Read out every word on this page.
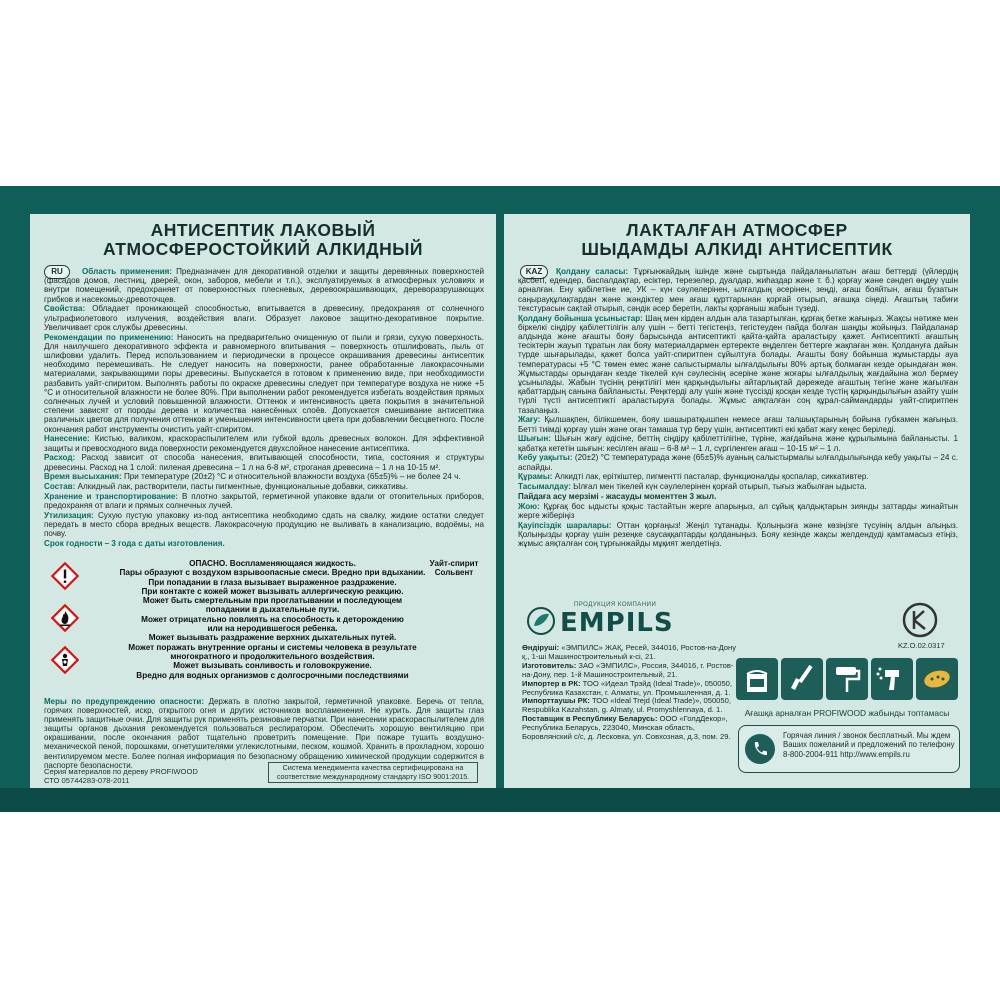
АНТИСЕПТИК ЛАКОВЫЙ
АТМОСФЕРОСТОЙКИЙ АЛКИДНЫЙ
RU	Область применения: Предназначен для декоративной отделки и защиты деревянных поверхностей (фасадов домов, лестниц, дверей, окон, заборов, мебели и т.п.), эксплуатируемых в атмосферных условиях и внутри помещений, предохраняет от поверхностных плесневых, деревоокрашивающих, дереворазрушающих грибков и насекомых-древоточцев.

Свойства: Обладает проникающей способностью, впитывается в древесину, предохраняя от солнечного ультрафиолетового излучения, воздействия влаги. Образует лаковое защитно-декоративное покрытие. Увеличивает срок службы древесины.

Рекомендации по применению: Наносить на предварительно очищенную от пыли и грязи, сухую поверхность. Для наилучшего декоративного эффекта и равномерного впитывания – поверхность отшлифовать, пыль от шлифовки удалить. Перед использованием и периодически в процессе окрашивания древесины антисептик необходимо перемешивать. Не следует наносить на поверхности, ранее обработанные лакокрасочными материалами, закрывающими поры древесины. Выпускается в готовом к применению виде, при необходимости разбавить уайт-спиритом. Выполнять работы по окраске древесины следует при температуре воздуха не ниже +5 °С и относительной влажности не более 80%. При выполнении работ рекомендуется избегать воздействия прямых солнечных лучей и условий повышенной влажности. Оттенок и интенсивность цвета покрытия в значительной степени зависят от породы дерева и количества нанесённых слоёв. Допускается смешивание антисептика различных цветов для получения оттенков и уменьшения интенсивности цвета при добавлении бесцветного. После окончания работ инструменты очистить уайт-спиритом.

Нанесение: Кистью, валиком, краскораспылителем или губкой вдоль древесных волокон. Для эффективной защиты и превосходного вида поверхности рекомендуется двухслойное нанесение антисептика.

Расход: Расход зависит от способа нанесения, впитывающей способности, типа, состояния и структуры древесины. Расход на 1 слой: пиленая древесина – 1 л на 6-8 м², строганая древесина – 1 л на 10-15 м².

Время высыхания: При температуре (20±2) °С и относительной влажности воздуха (65±5)% – не более 24 ч.

Состав: Алкидный лак, растворители, пасты пигментные, функциональные добавки, сиккативы.

Хранение и транспортирование: В плотно закрытой, герметичной упаковке вдали от отопительных приборов, предохраняя от влаги и прямых солнечных лучей.

Утилизация: Сухую пустую упаковку из-под антисептика необходимо сдать на свалку, жидкие остатки следует передать в место сбора вредных веществ. Лакокрасочную продукцию не выливать в канализацию, водоёмы, на почву.

Срок годности – 3 года с даты изготовления.

ОПАСНО. Воспламеняющаяся жидкость.
Пары образуют с воздухом взрывоопасные смеси. Вредно при вдыхании.
При попадании в глаза вызывает выраженное раздражение.
При контакте с кожей может вызывать аллергическую реакцию.
Может быть смертельным при проглатывании и последующем
попадании в дыхательные пути.
Может отрицательно повлиять на способность к деторождению
или на неродившегося ребенка.
Может вызывать раздражение верхних дыхательных путей.
Может поражать внутренние органы и системы человека в результате
многократного и продолжительного воздействия.
Может вызывать сонливость и головокружение.
Вредно для водных организмов с долгосрочными последствиями
Уайт-спирит Сольвент
Меры по предупреждению опасности: Держать в плотно закрытой, герметичной упаковке. Беречь от тепла, горячих поверхностей, искр, открытого огня и других источников воспламенения. Не курить. Для защиты глаз применять защитные очки. Для защиты рук применять резиновые перчатки. При нанесении краскораспылителем для защиты органов дыхания рекомендуется пользоваться респиратором. Обеспечить хорошую вентиляцию при окрашивании, после окончания работ тщательно проветрить помещение. При пожаре тушить воздушно-механической пеной, порошками, огнетушителями углекислотными, песком, кошмой. Хранить в прохладном, хорошо вентилируемом месте. Более полная информация по безопасному обращению химической продукции содержится в паспорте безопасности.
Серия материалов по дереву PROFIWOOD
СТО 05744283-078-2011
Система менеджмента качества сертифицирована на соответствие международному стандарту ISO 9001:2015.
ЛАКТАЛҒАН АТМОСФЕР
ШЫДАМДЫ АЛКИДІ АНТИСЕПТИК
KAZ	Қолдану саласы: Тұрғынжайдың ішінде және сыртында пайдаланылатын ағаш беттерді (үйлердің қасбеті, едендер, баспалдақтар, есіктер, терезелер, дуалдар, жиһаздар және т. б.) қорғау және сәндеп өңдеу үшін арналған. Ену қабілетіне ие, УК – күн сәулелерінен, ылғалдың әсерінен, зеңді, ағаш бояйтын, ағаш бүзатын саңырауқұлақтардан және жәндіктер мен ағаш құрттарынан қорғай отырып, ағашқа сіңеді. Ағаштың табиғи текстурасын сақтай отырып, сәндік әсер беретін, лакты қорғаныш жабын түзеді.

Қолдану бойынша ұсыныстар: Шаң мен кірден алдын ала тазартылған, құрғақ бетке жағыңыз. Жақсы нәтиже мен біркелкі сіңдіру қабілеттілігін алу үшін – бетті тегістеңіз, тегістеуден пайда болған шаңды жойыңыз. Пайдаланар алдында және ағашты бояу барысында антисептикті қайта-қайта араластыру қажет. Антисептикті ағаштың тесіктерін жауып тұратын лак бояу материалдармен ертеректе өңделген беттерге жақпаған жөн. Қолдануға дайын түрде шығарылады, қажет болса уайт-спиритпен сұйылтуға болады. Ағашты бояу бойынша жұмыстарды ауа температурасы +5 °C төмен емес және салыстырмалы ылғалдылығы 80% артық болмаған кезде орындаған жөн. Жұмыстарды орындаған кезде тікелей күн сәулесінің әсеріне және жоғары ылғалдылық жағдайына жол бермеу ұсынылады. Жабын түсінің реңктілігі мен қарқындылығы айтарлықтай дәрежеде ағаштың тегіне және жағылған қабаттардың санына байланысты. Реңктерді алу үшін және түссіздi қосқан кезде түстің қарқындылығын азайту үшін түрлі түсті антисептикті араластыруға болады. Жұмыс аяқталған соң құрал-саймандарды уайт-спиритпен тазалаңыз.

Жағу: Қылшақпен, білікшемен, бояу шашыратқышпен немесе ағаш талшықтарының бойына губкамен жағыңыз. Бетті тиімді қорғау үшін және оған тамаша түр беру үшін, антисептикті екі қабат жағу кеңес беріледі.

Шығын: Шығын жағу әдісіне, беттің сіңдіру қабілеттілігіне, түріне, жағдайына және құрылымына байланысты. 1 қабатқа кететін шығын: кесілген ағаш – 6-8 м² – 1 л, сүргіленген ағаш – 10-15 м² – 1 л.

Кебу уақыты: (20±2) °C температурада және (65±5)% ауаның салыстырмалы ылғалдылығында кебу уақыты – 24 с. аспайды.

Құрамы: Алкидті лак, еріткіштер, пигментті пасталар, функционалды қоспалар, сиккативтер.

Тасымалдау: Ылғал мен тікелей күн сәулелерінен қорғай отырып, тығыз жабылған ыдыста.

Пайдаға асу мерзімі - жасауды моменттен 3 жыл.

Жою: Құрғақ бос ыдысты қоқыс тастайтын жерге апарыңыз, ал сұйық қалдықтарын зиянды заттарды жинайтын жерге жіберіңіз

Қауіпсіздік шаралары: Оттан қорғаңыз! Жеңіл тұтанады. Қолыңызға және көзіңізге түсуінің алдын алыңыз. Қолыңызды қорғау үшін резеңке саусаққаптарды қолданыңыз. Бояу кезінде жақсы желдендуді қамтамасыз етіңіз, жұмыс аяқталған соң тұрғынжайды мұқият желдетіңіз.

ПРОДУКЦИЯ КОМПАНИИ
EMPILS
KZ.O.02.0317

Өндіруші: «ЭМПИЛС» ЖАҚ, Ресей, 344016, Ростов-на-Дону қ., 1-ші Машиностроительный к-сі, 21.

Изготовитель: ЗАО «ЭМПИЛС», Россия, 344016, г. Ростов-на-Дону, пер. 1-й Машиностроительный, 21.

Импортер в РК: ТОО «Идеал Трэйд (Ideal Trade)», 050050, Республика Казахстан, г. Алматы, ул. Промышленная, д. 1.

Импорттаушы РК: ТОО «Ideal Trejd (Ideal Trade)», 050050, Respublika Kazahstan, g. Almaty, ul. Promyshlennaya, d. 1.

Поставщик в Республику Беларусь: ООО «ГолдДекор», Республика Беларусь, 223040, Минская область, Боровлянский с/с, д. Лесковка, ул. Совхозная, д.3, пом. 29.

Ағашқа арналған PROFIWOOD жабынды топтамасы
Горячая линия / звонок бесплатный. Мы ждем Ваших пожеланий и предложений по телефону 8-800-2004-911 http://www.empils.ru
